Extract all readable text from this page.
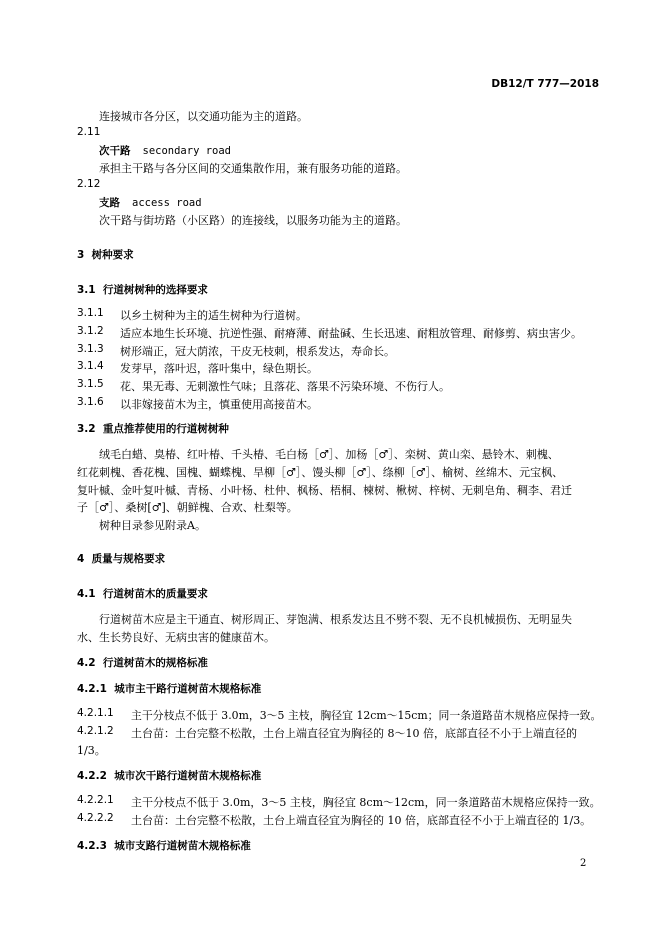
DB12/T 777—2018
连接城市各分区，以交通功能为主的道路。
2.11
次干路 secondary road
承担主干路与各分区间的交通集散作用，兼有服务功能的道路。
2.12
支路 access road
次干路与街坊路（小区路）的连接线，以服务功能为主的道路。
3  树种要求
3.1  行道树树种的选择要求
3.1.1 以乡土树种为主的适生树种为行道树。
3.1.2 适应本地生长环境、抗逆性强、耐瘠薄、耐盐碱、生长迅速、耐粗放管理、耐修剪、病虫害少。
3.1.3 树形端正，冠大荫浓，干皮无枝刺，根系发达，寿命长。
3.1.4 发芽早，落叶迟，落叶集中，绿色期长。
3.1.5 花、果无毒、无刺激性气味；且落花、落果不污染环境、不伤行人。
3.1.6 以非嫁接苗木为主，慎重使用高接苗木。
3.2  重点推荐使用的行道树树种
绒毛白蜡、臭椿、红叶椿、千头椿、毛白杨［♂］、加杨［♂］、栾树、黄山栾、悬铃木、刺槐、
红花刺槐、香花槐、国槐、蝴蝶槐、旱柳［♂］、馒头柳［♂］、绦柳［♂］、榆树、丝绵木、元宝枫、
复叶槭、金叶复叶槭、青杨、小叶杨、杜仲、枫杨、梧桐、楝树、楸树、梓树、无刺皂角、稠李、君迁
子［♂］、桑树[♂]、朝鲜槐、合欢、杜梨等。
树种目录参见附录A。
4  质量与规格要求
4.1  行道树苗木的质量要求
行道树苗木应是主干通直、树形周正、芽饱满、根系发达且不劈不裂、无不良机械损伤、无明显失
水、生长势良好、无病虫害的健康苗木。
4.2  行道树苗木的规格标准
4.2.1  城市主干路行道树苗木规格标准
4.2.1.1 主干分枝点不低于 3.0m，3～5 主枝，胸径宜 12cm～15cm；同一条道路苗木规格应保持一致。
4.2.1.2 土台苗：土台完整不松散，土台上端直径宜为胸径的 8～10 倍，底部直径不小于上端直径的
1/3。
4.2.2  城市次干路行道树苗木规格标准
4.2.2.1 主干分枝点不低于 3.0m，3～5 主枝，胸径宜 8cm～12cm，同一条道路苗木规格应保持一致。
4.2.2.2 土台苗：土台完整不松散，土台上端直径宜为胸径的 10 倍，底部直径不小于上端直径的 1/3。
4.2.3  城市支路行道树苗木规格标准
2
